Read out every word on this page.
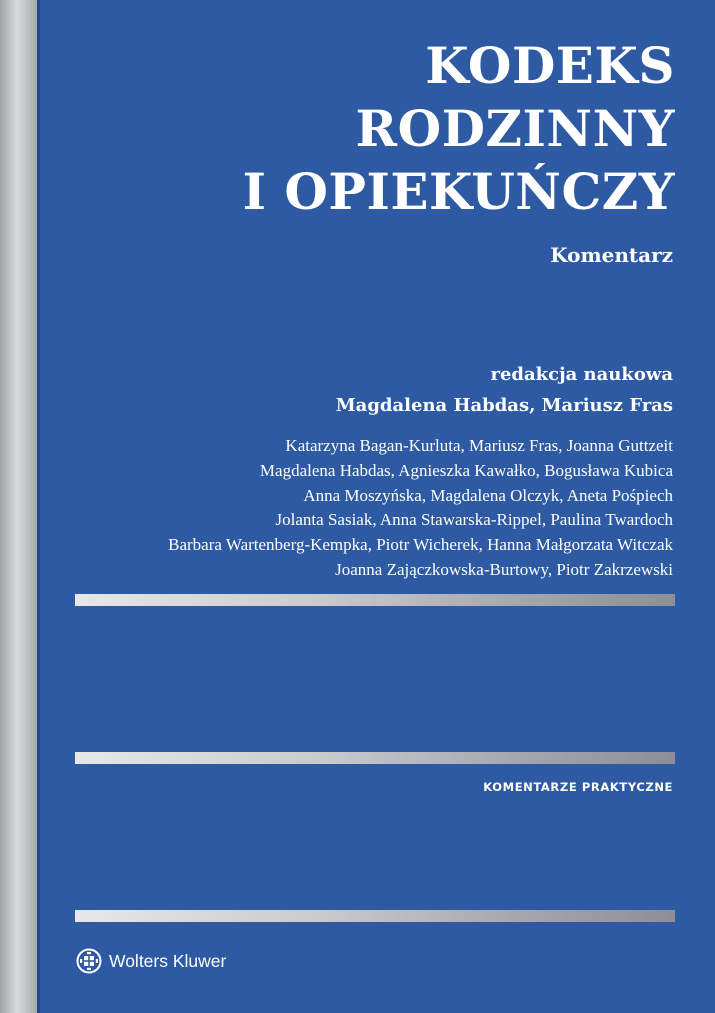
KODEKS
RODZINNY
I OPIEKUŃCZY
Komentarz
redakcja naukowa
Magdalena Habdas, Mariusz Fras
Katarzyna Bagan-Kurluta, Mariusz Fras, Joanna Guttzeit
Magdalena Habdas, Agnieszka Kawałko, Bogusława Kubica
Anna Moszyńska, Magdalena Olczyk, Aneta Pośpiech
Jolanta Sasiak, Anna Stawarska-Rippel, Paulina Twardoch
Barbara Wartenberg-Kempka, Piotr Wicherek, Hanna Małgorzata Witczak
Joanna Zajączkowska-Burtowy, Piotr Zakrzewski
KOMENTARZE PRAKTYCZNE
Wolters Kluwer
